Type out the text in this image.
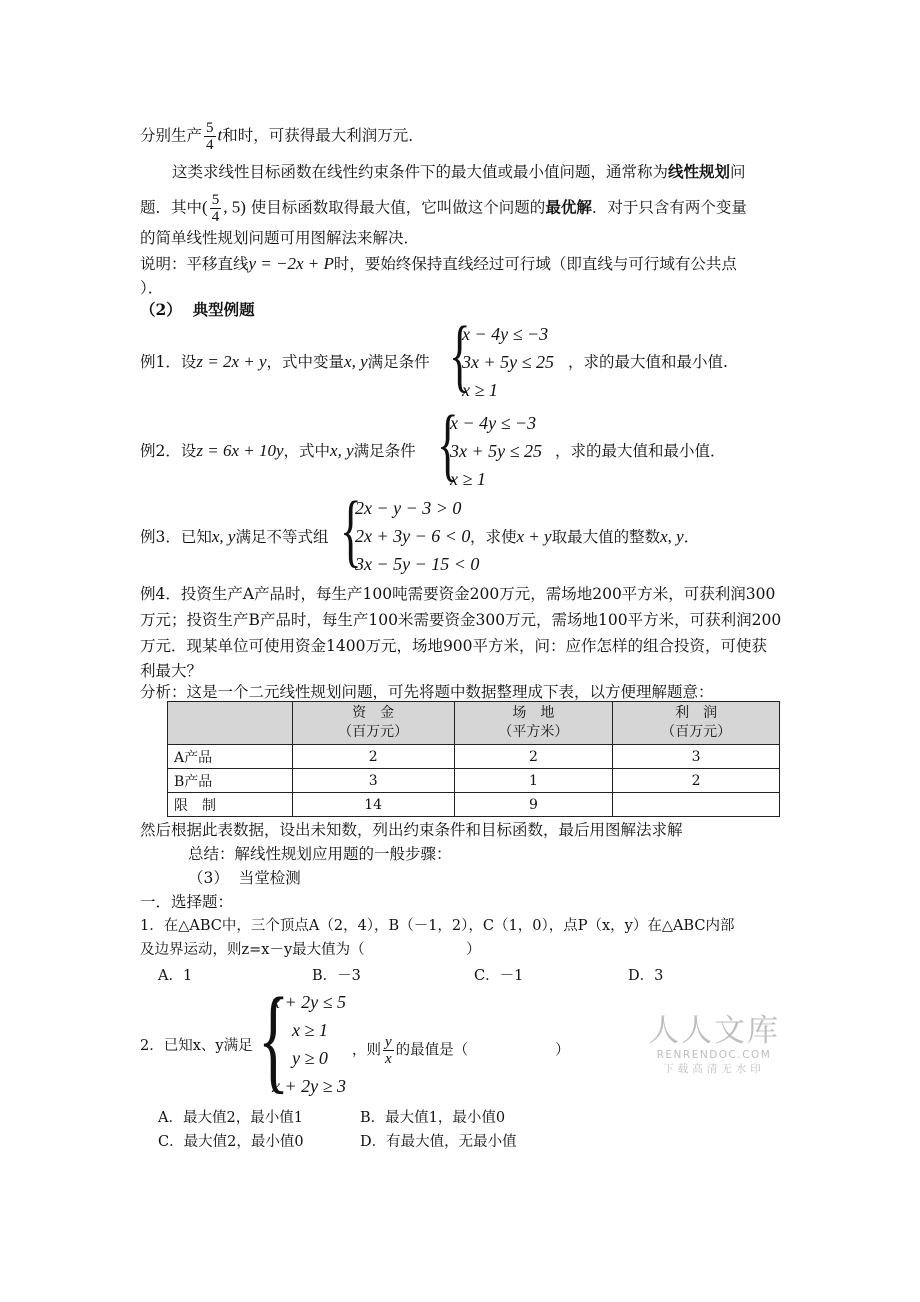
分别生产 $\frac{5}{4}$ t和时，可获得最大利润万元．
这类求线性目标函数在线性约束条件下的最大值或最小值问题，通常称为线性规划问
题．其中( $\frac{5}{4}$ , 5) 使目标函数取得最大值，它叫做这个问题的最优解．对于只含有两个变量
的简单线性规划问题可用图解法来解决．
说明：平移直线y = −2x + P时，要始终保持直线经过可行域（即直线与可行域有公共点
）．
（2） 典型例题
例1．设z = 2x + y，式中变量x, y满足条件 {
x − 4y ≤ −3
3x + 5y ≤ 25
x ≥ 1
，求的最大值和最小值.
例2．设z = 6x + 10y，式中x, y满足条件 {
x − 4y ≤ −3
3x + 5y ≤ 25
x ≥ 1
，求的最大值和最小值．
例3．已知x, y满足不等式组 {
2x − y − 3 > 0
2x + 3y − 6 < 0
3x − 5y − 15 < 0
，求使x + y取最大值的整数x, y．
例4．投资生产A产品时，每生产100吨需要资金200万元，需场地200平方米，可获利润300
万元；投资生产B产品时，每生产100米需要资金300万元，需场地100平方米，可获利润200
万元．现某单位可使用资金1400万元，场地900平方米，问：应作怎样的组合投资，可使获
利最大？
分析：这是一个二元线性规划问题，可先将题中数据整理成下表，以方便理解题意：
	资　金
（百万元）	场　地
（平方米）	利　润
（百万元）
A产品	2	2	3
B产品	3	1	2
限　制	14	9	
然后根据此表数据，设出未知数，列出约束条件和目标函数，最后用图解法求解
总结：解线性规划应用题的一般步骤：
（3） 当堂检测
一．选择题：
1．在△ABC中，三个顶点A（2，4），B（－1，2），C（1，0），点P（x，y）在△ABC内部
及边界运动，则z=x－y最大值为（　　　　　　　）
A．1	B．－3	C．－1	D．3
2．已知x、y满足 {
x + 2y ≤ 5
x ≥ 1
y ≥ 0
x + 2y ≥ 3
，则 $\frac{y}{x}$ 的最值是（　　　　　　）
A．最大值2，最小值1	B．最大值1，最小值0
C．最大值2，最小值0	D．有最大值，无最小值
人人文库
RENRENDOC.COM
下载高清无水印
